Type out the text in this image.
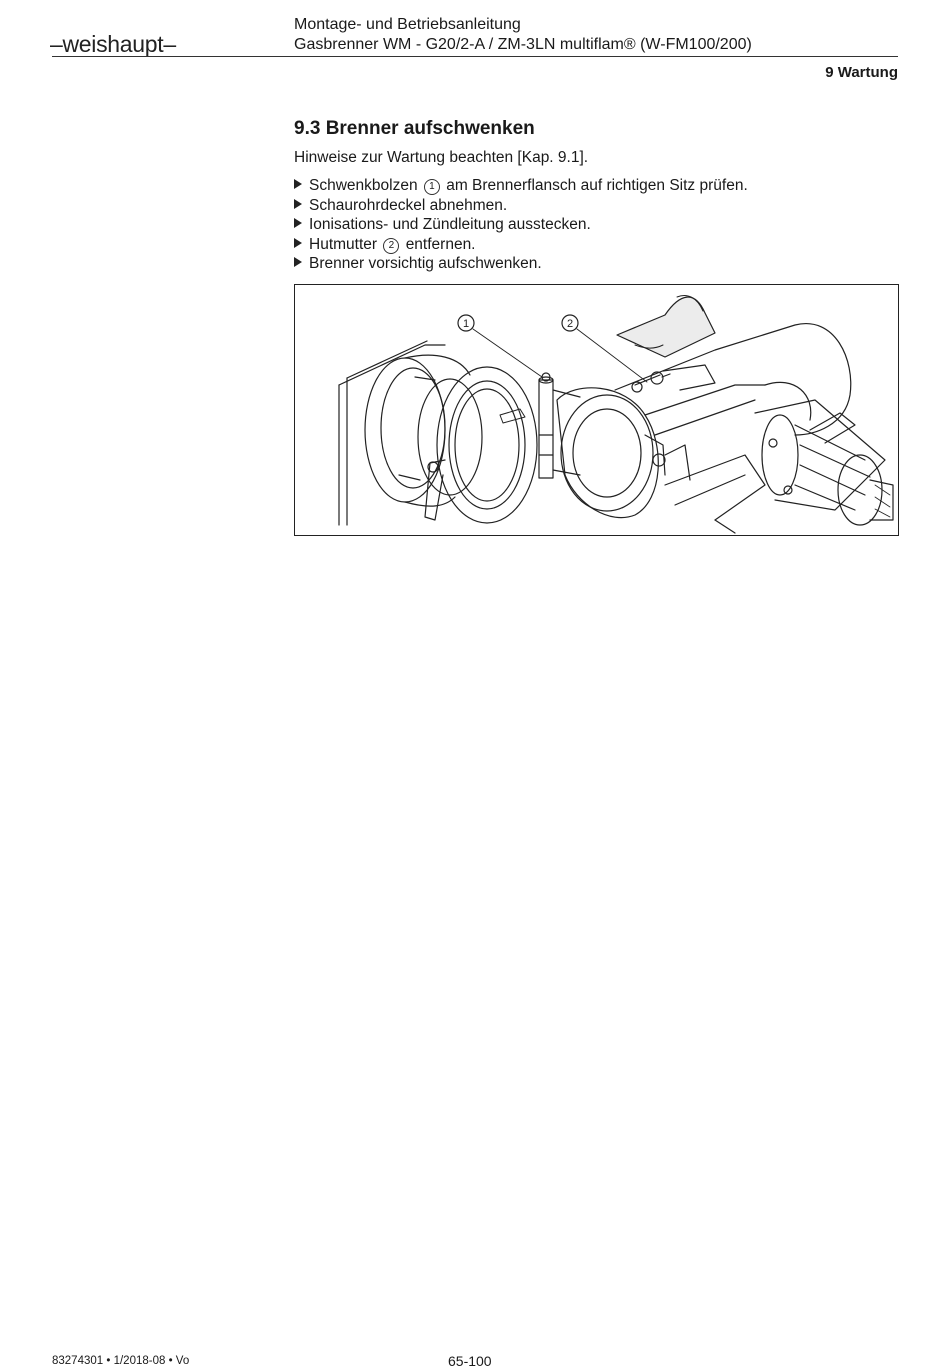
–weishaupt–
Montage- und Betriebsanleitung
Gasbrenner WM - G20/2-A / ZM-3LN multiflam® (W-FM100/200)
9 Wartung
9.3 Brenner aufschwenken
Hinweise zur Wartung beachten [Kap. 9.1].
Schwenkbolzen 1 am Brennerflansch auf richtigen Sitz prüfen.
Schaurohrdeckel abnehmen.
Ionisations- und Zündleitung ausstecken.
Hutmutter 2 entfernen.
Brenner vorsichtig aufschwenken.
1	2
83274301 • 1/2018-08 • Vo	65-100
